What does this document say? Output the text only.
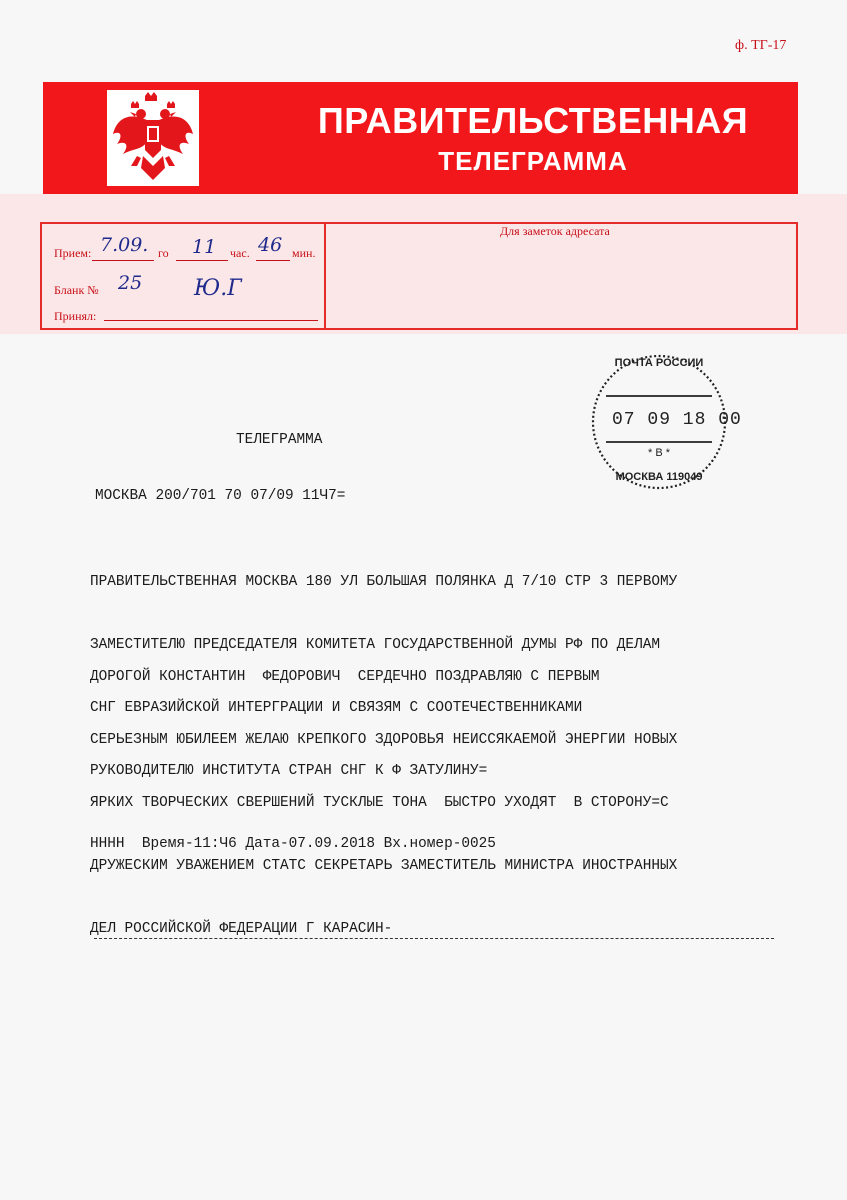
ф. ТГ-17
ПРАВИТЕЛЬСТВЕННАЯ
ТЕЛЕГРАММА
Для заметок адресата
Прием: 7.09. го 11 час. 46 мин.
Бланк № 25 Ю.Г
Принял:
ПОЧТА РОССИИ
* В *
МОСКВА 119049
07 09 18 00
ТЕЛЕГРАММА
МОСКВА 200/701 70 07/09 11Ч7=

ПРАВИТЕЛЬСТВЕННАЯ МОСКВА 180 УЛ БОЛЬШАЯ ПОЛЯНКА Д 7/10 СТР 3 ПЕРВОМУ

ЗАМЕСТИТЕЛЮ ПРЕДСЕДАТЕЛЯ КОМИТЕТА ГОСУДАРСТВЕННОЙ ДУМЫ РФ ПО ДЕЛАМ

СНГ ЕВРАЗИЙСКОЙ ИНТЕРГРАЦИИ И СВЯЗЯМ С СООТЕЧЕСТВЕННИКАМИ

РУКОВОДИТЕЛЮ ИНСТИТУТА СТРАН СНГ К Ф ЗАТУЛИНУ=

ДОРОГОЙ КОНСТАНТИН  ФЕДОРОВИЧ  СЕРДЕЧНО ПОЗДРАВЛЯЮ С ПЕРВЫМ

СЕРЬЕЗНЫМ ЮБИЛЕЕМ ЖЕЛАЮ КРЕПКОГО ЗДОРОВЬЯ НЕИССЯКАЕМОЙ ЭНЕРГИИ НОВЫХ

ЯРКИХ ТВОРЧЕСКИХ СВЕРШЕНИЙ ТУСКЛЫЕ ТОНА  БЫСТРО УХОДЯТ  В СТОРОНУ=С

ДРУЖЕСКИМ УВАЖЕНИЕМ СТАТС СЕКРЕТАРЬ ЗАМЕСТИТЕЛЬ МИНИСТРА ИНОСТРАННЫХ

ДЕЛ РОССИЙСКОЙ ФЕДЕРАЦИИ Г КАРАСИН-

НННН  Время-11:Ч6 Дата-07.09.2018 Вх.номер-0025
